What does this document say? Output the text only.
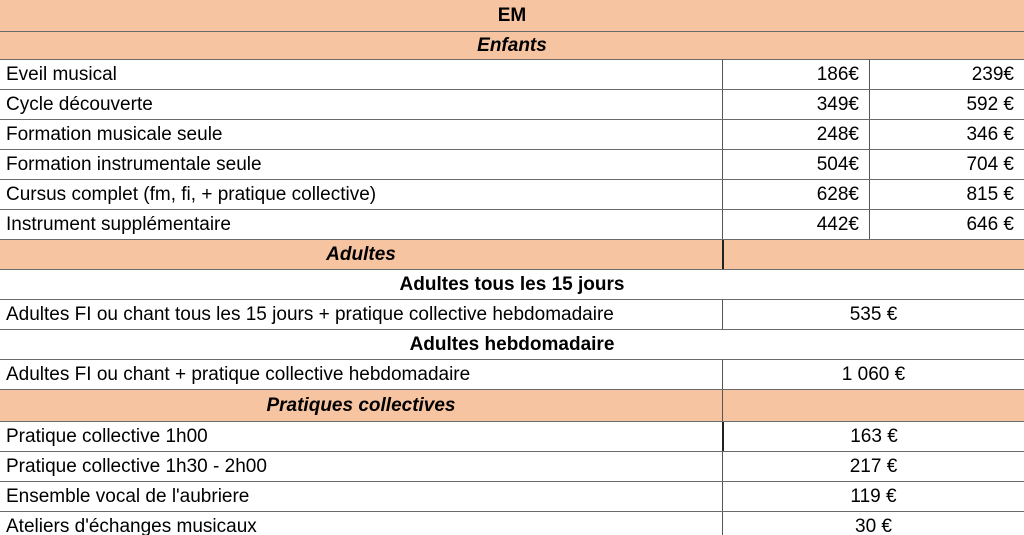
EM
Enfants
Eveil musical	186€	239€
Cycle découverte	349€	592 €
Formation musicale seule	248€	346 €
Formation instrumentale seule	504€	704 €
Cursus complet (fm, fi, + pratique collective)	628€	815 €
Instrument supplémentaire	442€	646 €
Adultes
Adultes tous les 15 jours
Adultes FI ou chant tous les 15 jours + pratique collective hebdomadaire	535 €
Adultes hebdomadaire
Adultes FI ou chant + pratique collective hebdomadaire	1 060 €
Pratiques collectives
Pratique collective 1h00	163 €
Pratique collective 1h30 - 2h00	217 €
Ensemble vocal de l'aubriere	119 €
Ateliers d'échanges musicaux	30 €
